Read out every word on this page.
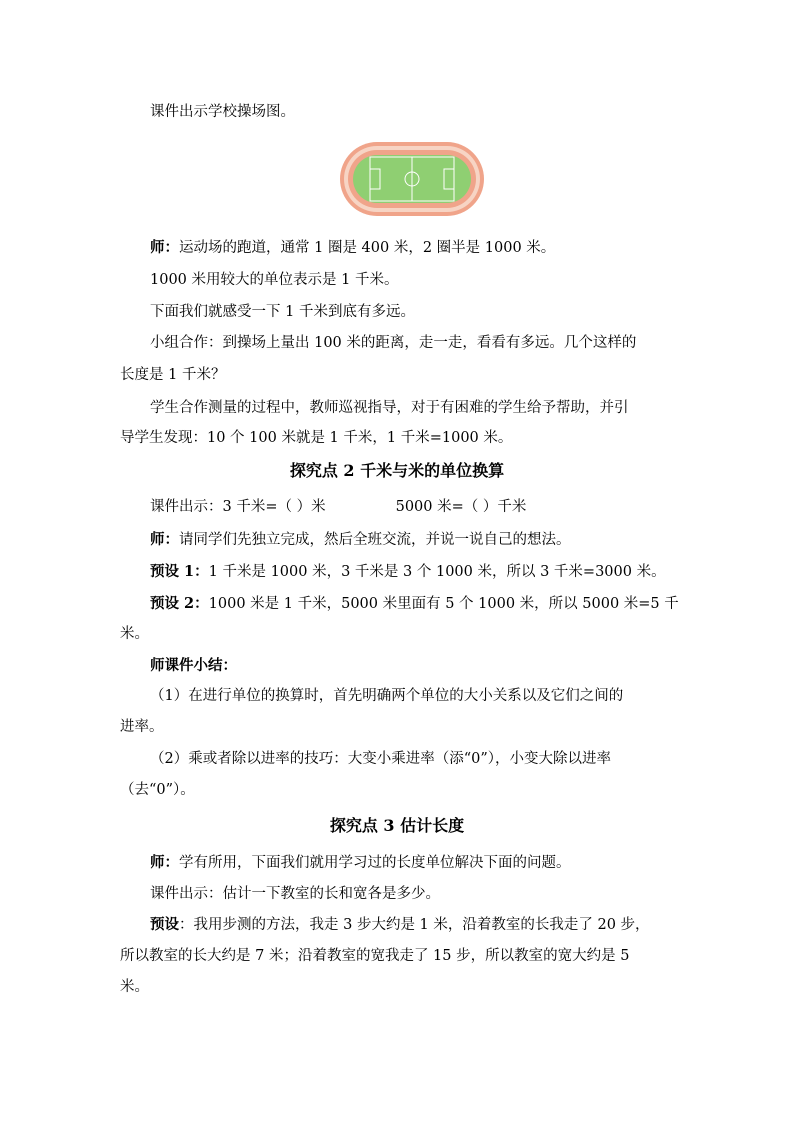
课件出示学校操场图。
师：运动场的跑道，通常 1 圈是 400 米，2 圈半是 1000 米。
1000 米用较大的单位表示是 1 千米。
下面我们就感受一下 1 千米到底有多远。
小组合作：到操场上量出 100 米的距离，走一走，看看有多远。几个这样的
长度是 1 千米？
学生合作测量的过程中，教师巡视指导，对于有困难的学生给予帮助，并引
导学生发现：10 个 100 米就是 1 千米，1 千米=1000 米。
探究点 2 千米与米的单位换算
课件出示：3 千米=（ ）米	5000 米=（ ）千米
师：请同学们先独立完成，然后全班交流，并说一说自己的想法。
预设 1：1 千米是 1000 米，3 千米是 3 个 1000 米，所以 3 千米=3000 米。
预设 2：1000 米是 1 千米，5000 米里面有 5 个 1000 米，所以 5000 米=5 千
米。
师课件小结：
（1）在进行单位的换算时，首先明确两个单位的大小关系以及它们之间的
进率。
（2）乘或者除以进率的技巧：大变小乘进率（添“0”），小变大除以进率
（去“0”）。
探究点 3 估计长度
师：学有所用，下面我们就用学习过的长度单位解决下面的问题。
课件出示：估计一下教室的长和宽各是多少。
预设：我用步测的方法，我走 3 步大约是 1 米，沿着教室的长我走了 20 步，
所以教室的长大约是 7 米；沿着教室的宽我走了 15 步，所以教室的宽大约是 5
米。
